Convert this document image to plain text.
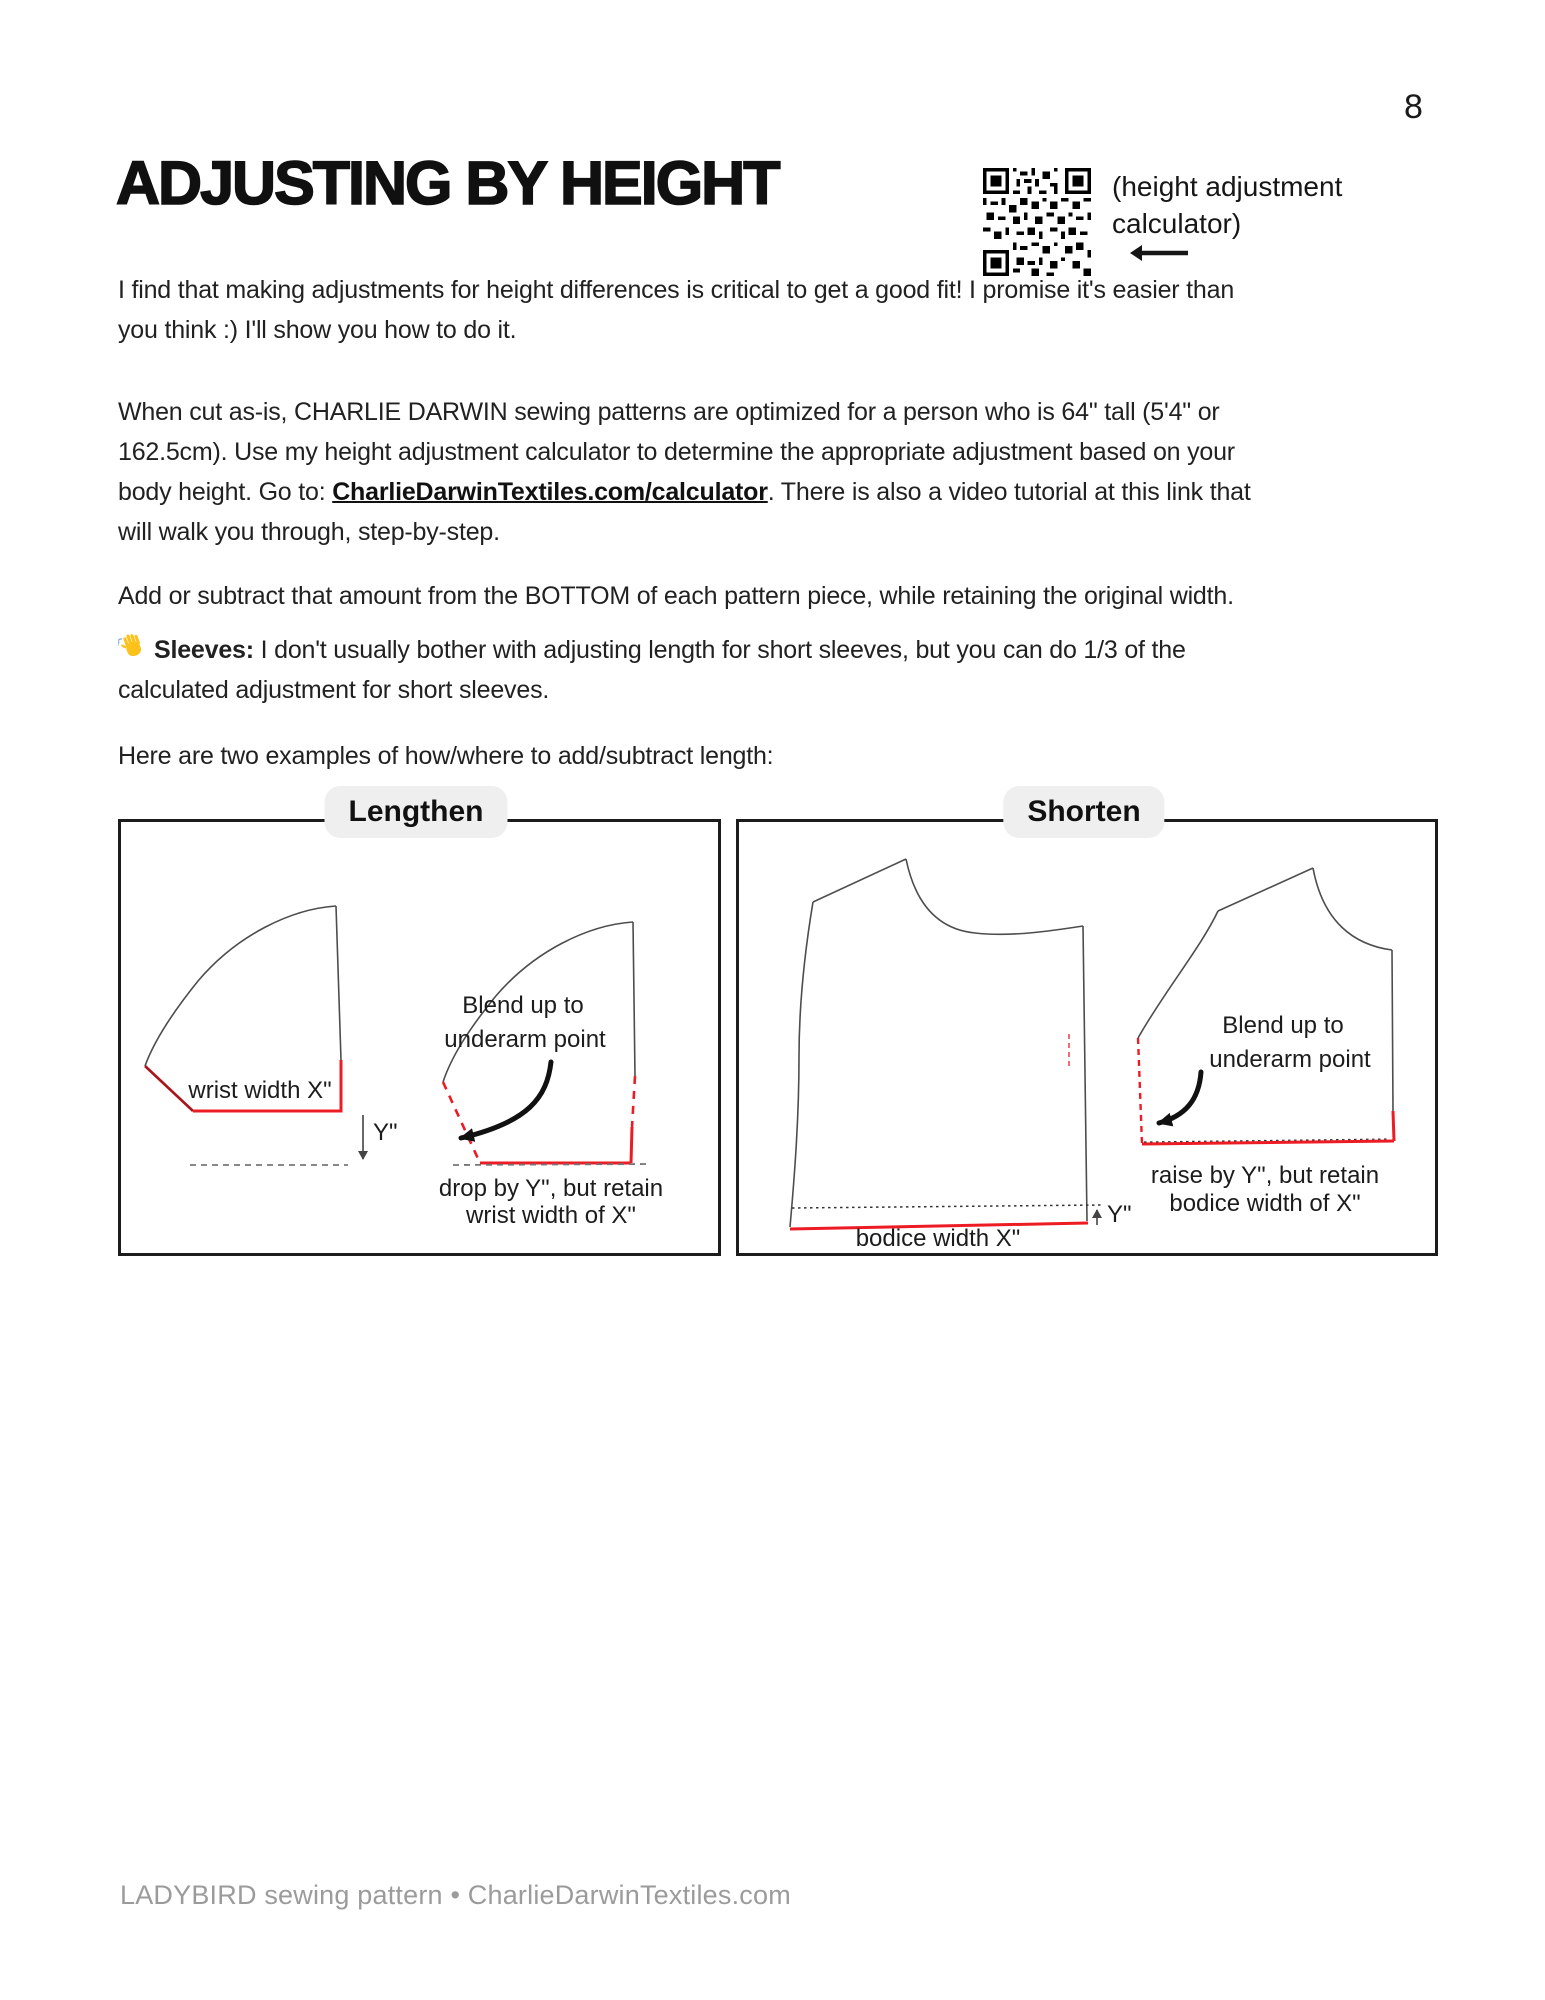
8
ADJUSTING BY HEIGHT	(height adjustment
calculator)
I find that making adjustments for height differences is critical to get a good fit! I promise it's easier than
you think :) I'll show you how to do it.
When cut as-is, CHARLIE DARWIN sewing patterns are optimized for a person who is 64" tall (5'4" or
162.5cm). Use my height adjustment calculator to determine the appropriate adjustment based on your
body height. Go to: CharlieDarwinTextiles.com/calculator. There is also a video tutorial at this link that
will walk you through, step-by-step.
Add or subtract that amount from the BOTTOM of each pattern piece, while retaining the original width.
Sleeves: I don't usually bother with adjusting length for short sleeves, but you can do 1/3 of the
calculated adjustment for short sleeves.
Here are two examples of how/where to add/subtract length:
wrist width X"
Y"
Blend up to
underarm point
drop by Y", but retain
wrist width of X"	Y"
bodice width X"
Blend up to
underarm point
raise by Y", but retain
bodice width of X"
Lengthen	Shorten
LADYBIRD sewing pattern • CharlieDarwinTextiles.com
